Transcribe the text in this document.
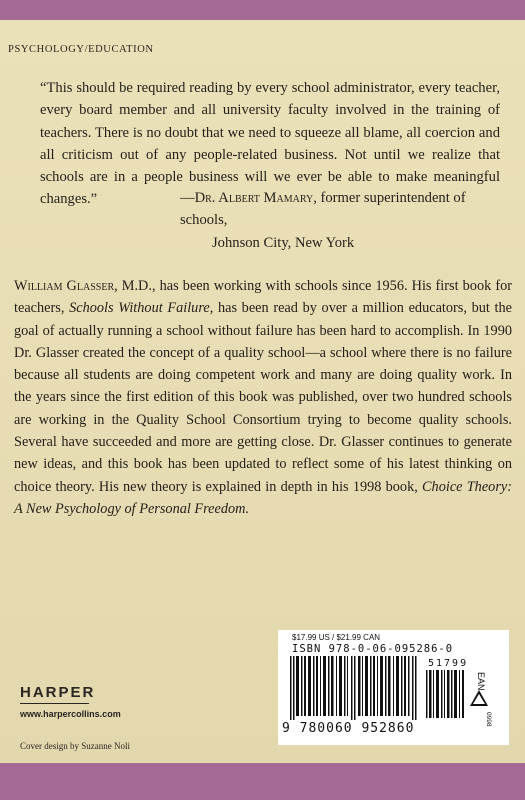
PSYCHOLOGY/EDUCATION

“This should be required reading by every school administrator, every teacher, every board member and all university faculty involved in the training of teachers. There is no doubt that we need to squeeze all blame, all coercion and all criticism out of any people-related business. Not until we realize that schools are in a people business will we ever be able to make meaningful changes.”	—Dr. Albert Mamary, former superintendent of schools,
Johnson City, New York
William Glasser, M.D., has been working with schools since 1956. His first book for teachers, Schools Without Failure, has been read by over a million educators, but the goal of actually running a school without failure has been hard to accomplish. In 1990 Dr. Glasser created the concept of a quality school—a school where there is no failure because all students are doing competent work and many are doing quality work. In the years since the first edition of this book was published, over two hundred schools are working in the Quality School Consortium trying to become quality schools. Several have succeeded and more are getting close. Dr. Glasser continues to generate new ideas, and this book has been updated to reflect some of his latest thinking on choice theory. His new theory is explained in depth in his 1998 book, Choice Theory: A New Psychology of Personal Freedom.
$17.99 US / $21.99 CAN
ISBN 978-0-06-095286-0
51799
EAN
0998
9 780060 952860
HARPER
www.harpercollins.com
Cover design by Suzanne Noli
